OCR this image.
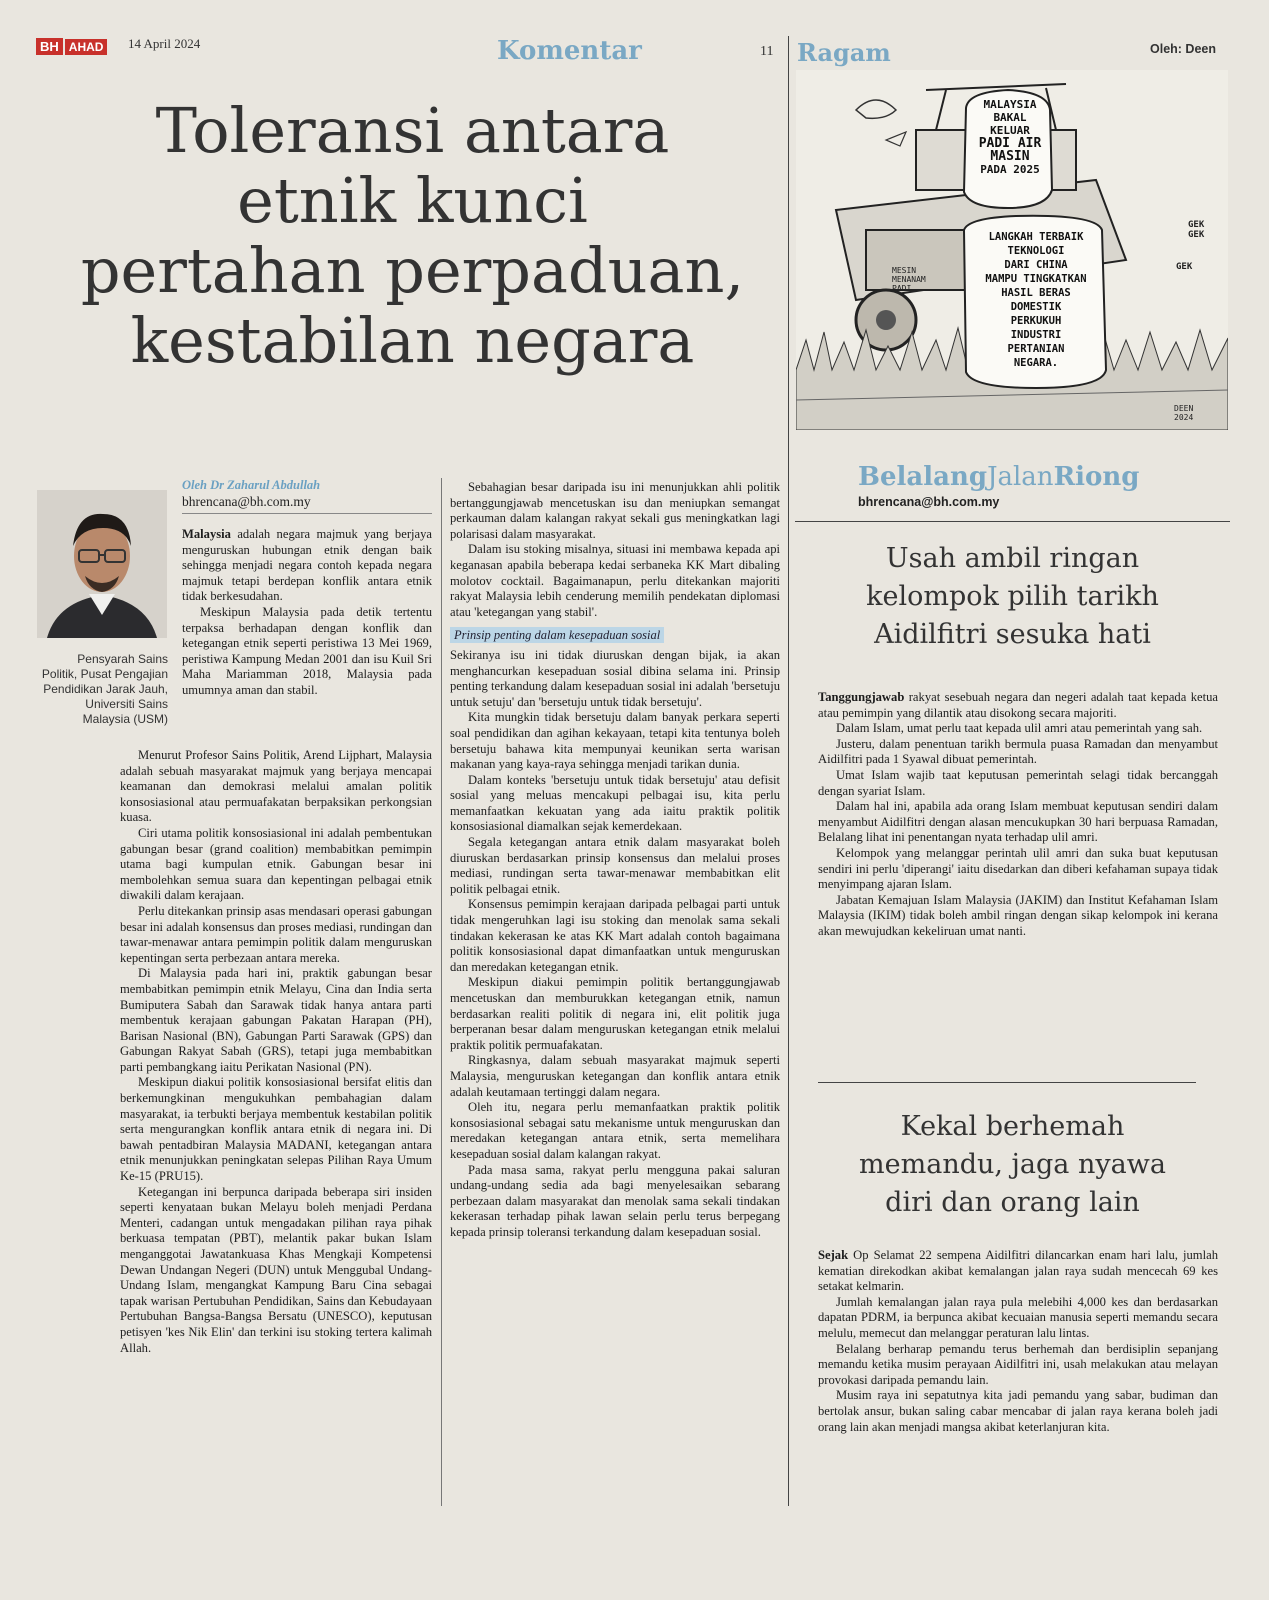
BH AHAD	14 April 2024	Komentar	11 Ragam	Oleh: Deen
Toleransi antara
etnik kunci
pertahan perpaduan,
kestabilan negara
Oleh Dr Zaharul Abdullah
bhrencana@bh.com.my
Pensyarah Sains Politik, Pusat Pengajian Pendidikan Jarak Jauh, Universiti Sains Malaysia (USM)

Malaysia adalah negara majmuk yang berjaya menguruskan hubungan etnik dengan baik sehingga menjadi negara contoh kepada negara majmuk tetapi berdepan konflik antara etnik tidak berkesudahan.

Meskipun Malaysia pada detik tertentu terpaksa berhadapan dengan konflik dan ketegangan etnik seperti peristiwa 13 Mei 1969, peristiwa Kampung Medan 2001 dan isu Kuil Sri Maha Mariamman 2018, Malaysia pada umumnya aman dan stabil.

Menurut Profesor Sains Politik, Arend Lijphart, Malaysia adalah sebuah masyarakat majmuk yang berjaya mencapai keamanan dan demokrasi melalui amalan politik konsosiasional atau permuafakatan berpaksikan perkongsian kuasa.

Ciri utama politik konsosiasional ini adalah pembentukan gabungan besar (grand coalition) membabitkan pemimpin utama bagi kumpulan etnik. Gabungan besar ini membolehkan semua suara dan kepentingan pelbagai etnik diwakili dalam kerajaan.

Perlu ditekankan prinsip asas mendasari operasi gabungan besar ini adalah konsensus dan proses mediasi, rundingan dan tawar-menawar antara pemimpin politik dalam menguruskan kepentingan serta perbezaan antara mereka.

Di Malaysia pada hari ini, praktik gabungan besar membabitkan pemimpin etnik Melayu, Cina dan India serta Bumiputera Sabah dan Sarawak tidak hanya antara parti membentuk kerajaan gabungan Pakatan Harapan (PH), Barisan Nasional (BN), Gabungan Parti Sarawak (GPS) dan Gabungan Rakyat Sabah (GRS), tetapi juga membabitkan parti pembangkang iaitu Perikatan Nasional (PN).

Meskipun diakui politik konsosiasional bersifat elitis dan berkemungkinan mengukuhkan pembahagian dalam masyarakat, ia terbukti berjaya membentuk kestabilan politik serta mengurangkan konflik antara etnik di negara ini. Di bawah pentadbiran Malaysia MADANI, ketegangan antara etnik menunjukkan peningkatan selepas Pilihan Raya Umum Ke-15 (PRU15).

Ketegangan ini berpunca daripada beberapa siri insiden seperti kenyataan bukan Melayu boleh menjadi Perdana Menteri, cadangan untuk mengadakan pilihan raya pihak berkuasa tempatan (PBT), melantik pakar bukan Islam menganggotai Jawatankuasa Khas Mengkaji Kompetensi Dewan Undangan Negeri (DUN) untuk Menggubal Undang-Undang Islam, mengangkat Kampung Baru Cina sebagai tapak warisan Pertubuhan Pendidikan, Sains dan Kebudayaan Pertubuhan Bangsa-Bangsa Bersatu (UNESCO), keputusan petisyen 'kes Nik Elin' dan terkini isu stoking tertera kalimah Allah.

Sebahagian besar daripada isu ini menunjukkan ahli politik bertanggungjawab mencetuskan isu dan meniupkan semangat perkauman dalam kalangan rakyat sekali gus meningkatkan lagi polarisasi dalam masyarakat.

Dalam isu stoking misalnya, situasi ini membawa kepada api keganasan apabila beberapa kedai serbaneka KK Mart dibaling molotov cocktail. Bagaimanapun, perlu ditekankan majoriti rakyat Malaysia lebih cenderung memilih pendekatan diplomasi atau 'ketegangan yang stabil'.

Prinsip penting dalam kesepaduan sosial

Sekiranya isu ini tidak diuruskan dengan bijak, ia akan menghancurkan kesepaduan sosial dibina selama ini. Prinsip penting terkandung dalam kesepaduan sosial ini adalah 'bersetuju untuk setuju' dan 'bersetuju untuk tidak bersetuju'.

Kita mungkin tidak bersetuju dalam banyak perkara seperti soal pendidikan dan agihan kekayaan, tetapi kita tentunya boleh bersetuju bahawa kita mempunyai keunikan serta warisan makanan yang kaya-raya sehingga menjadi tarikan dunia.

Dalam konteks 'bersetuju untuk tidak bersetuju' atau defisit sosial yang meluas mencakupi pelbagai isu, kita perlu memanfaatkan kekuatan yang ada iaitu praktik politik konsosiasional diamalkan sejak kemerdekaan.

Segala ketegangan antara etnik dalam masyarakat boleh diuruskan berdasarkan prinsip konsensus dan melalui proses mediasi, rundingan serta tawar-menawar membabitkan elit politik pelbagai etnik.

Konsensus pemimpin kerajaan daripada pelbagai parti untuk tidak mengeruhkan lagi isu stoking dan menolak sama sekali tindakan kekerasan ke atas KK Mart adalah contoh bagaimana politik konsosiasional dapat dimanfaatkan untuk menguruskan dan meredakan ketegangan etnik.

Meskipun diakui pemimpin politik bertanggungjawab mencetuskan dan memburukkan ketegangan etnik, namun berdasarkan realiti politik di negara ini, elit politik juga berperanan besar dalam menguruskan ketegangan etnik melalui praktik politik permuafakatan.

Ringkasnya, dalam sebuah masyarakat majmuk seperti Malaysia, menguruskan ketegangan dan konflik antara etnik adalah keutamaan tertinggi dalam negara.

Oleh itu, negara perlu memanfaatkan praktik politik konsosiasional sebagai satu mekanisme untuk menguruskan dan meredakan ketegangan antara etnik, serta memelihara kesepaduan sosial dalam kalangan rakyat.

Pada masa sama, rakyat perlu mengguna pakai saluran undang-undang sedia ada bagi menyelesaikan sebarang perbezaan dalam masyarakat dan menolak sama sekali tindakan kekerasan terhadap pihak lawan selain perlu terus berpegang kepada prinsip toleransi terkandung dalam kesepaduan sosial.

MALAYSIA
BAKAL
KELUAR
PADI AIR
MASIN
PADA 2025
LANGKAH TERBAIK
TEKNOLOGI
DARI CHINA
MAMPU TINGKATKAN
HASIL BERAS
DOMESTIK
PERKUKUH
INDUSTRI
PERTANIAN
NEGARA.
MESIN MENANAM PADI
GEK GEK
GEK
DEEN 2024
BelalangJalanRiong
bhrencana@bh.com.my
Usah ambil ringan
kelompok pilih tarikh
Aidilfitri sesuka hati

Tanggungjawab rakyat sesebuah negara dan negeri adalah taat kepada ketua atau pemimpin yang dilantik atau disokong secara majoriti.

Dalam Islam, umat perlu taat kepada ulil amri atau pemerintah yang sah.

Justeru, dalam penentuan tarikh bermula puasa Ramadan dan menyambut Aidilfitri pada 1 Syawal dibuat pemerintah.

Umat Islam wajib taat keputusan pemerintah selagi tidak bercanggah dengan syariat Islam.

Dalam hal ini, apabila ada orang Islam membuat keputusan sendiri dalam menyambut Aidilfitri dengan alasan mencukupkan 30 hari berpuasa Ramadan, Belalang lihat ini penentangan nyata terhadap ulil amri.

Kelompok yang melanggar perintah ulil amri dan suka buat keputusan sendiri ini perlu 'diperangi' iaitu disedarkan dan diberi kefahaman supaya tidak menyimpang ajaran Islam.

Jabatan Kemajuan Islam Malaysia (JAKIM) dan Institut Kefahaman Islam Malaysia (IKIM) tidak boleh ambil ringan dengan sikap kelompok ini kerana akan mewujudkan kekeliruan umat nanti.

Kekal berhemah
memandu, jaga nyawa
diri dan orang lain

Sejak Op Selamat 22 sempena Aidilfitri dilancarkan enam hari lalu, jumlah kematian direkodkan akibat kemalangan jalan raya sudah mencecah 69 kes setakat kelmarin.

Jumlah kemalangan jalan raya pula melebihi 4,000 kes dan berdasarkan dapatan PDRM, ia berpunca akibat kecuaian manusia seperti memandu secara melulu, memecut dan melanggar peraturan lalu lintas.

Belalang berharap pemandu terus berhemah dan berdisiplin sepanjang memandu ketika musim perayaan Aidilfitri ini, usah melakukan atau melayan provokasi daripada pemandu lain.

Musim raya ini sepatutnya kita jadi pemandu yang sabar, budiman dan bertolak ansur, bukan saling cabar mencabar di jalan raya kerana boleh jadi orang lain akan menjadi mangsa akibat keterlanjuran kita.
